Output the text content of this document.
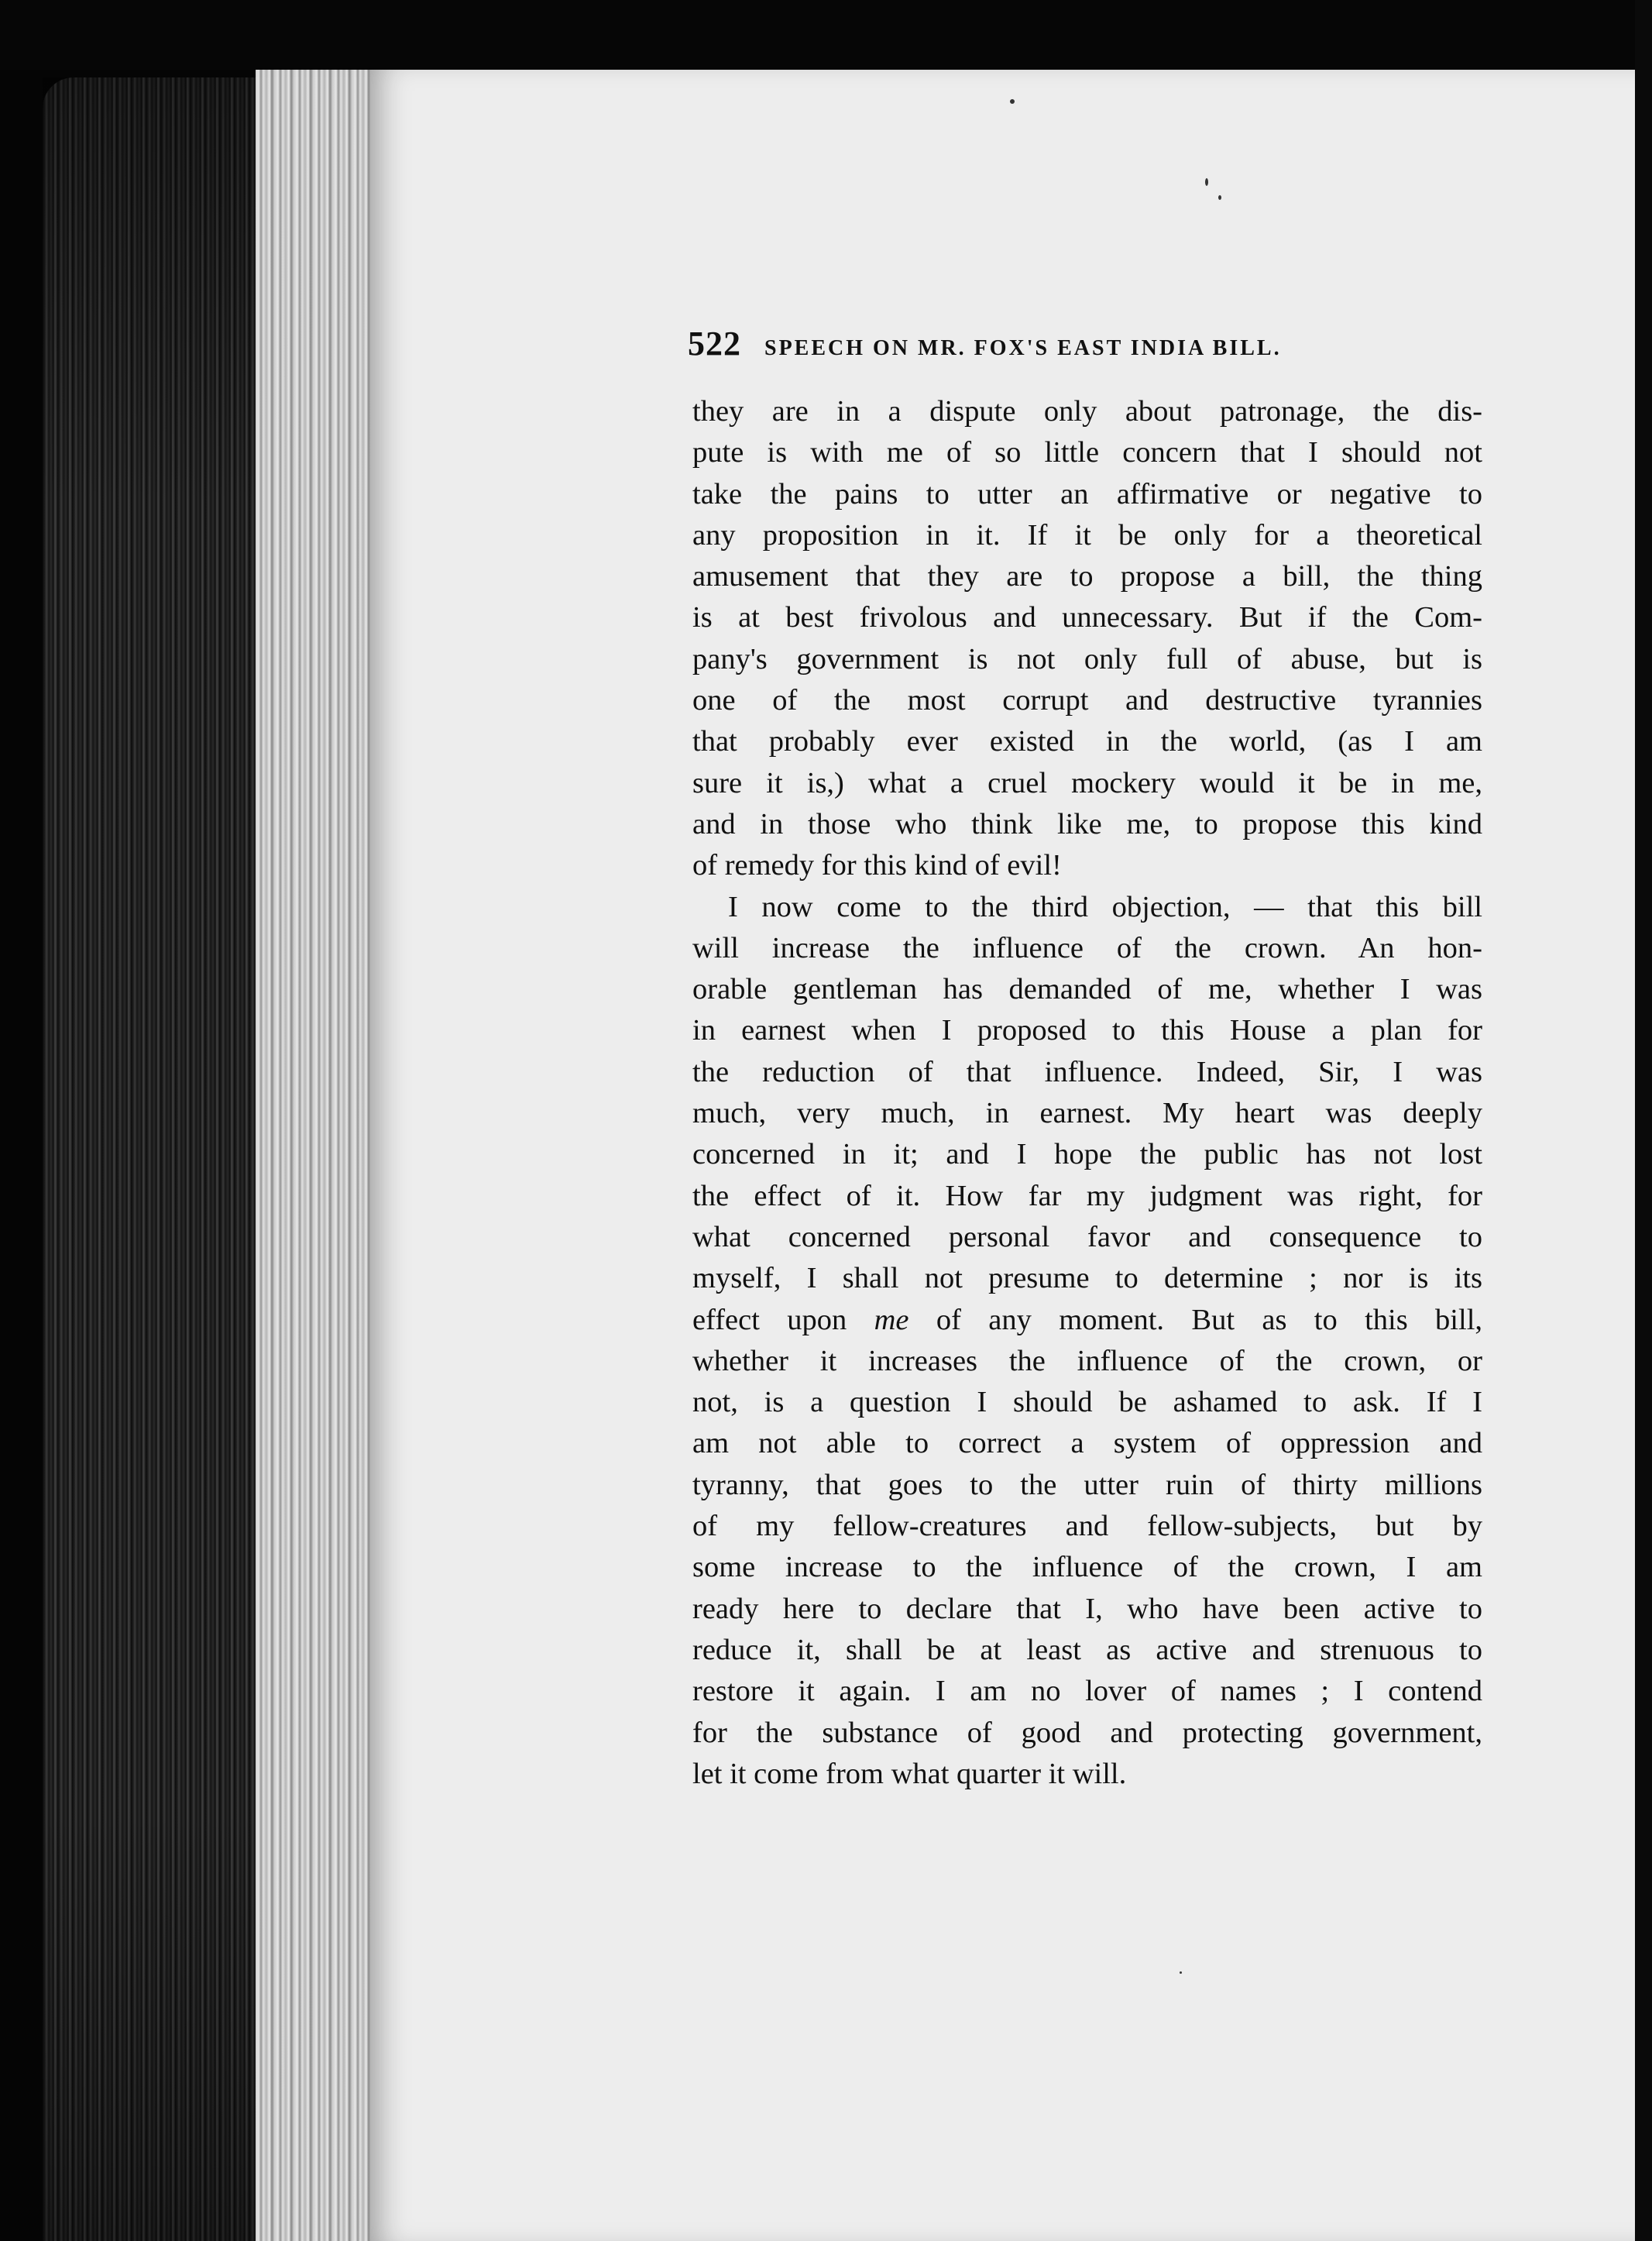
522 SPEECH ON MR. FOX'S EAST INDIA BILL.
they are in a dispute only about patronage, the dis-
pute is with me of so little concern that I should not
take the pains to utter an affirmative or negative to
any proposition in it. If it be only for a theoretical
amusement that they are to propose a bill, the thing
is at best frivolous and unnecessary. But if the Com-
pany's government is not only full of abuse, but is
one of the most corrupt and destructive tyrannies
that probably ever existed in the world, (as I am
sure it is,) what a cruel mockery would it be in me,
and in those who think like me, to propose this kind
of remedy for this kind of evil!
I now come to the third objection, — that this bill
will increase the influence of the crown. An hon-
orable gentleman has demanded of me, whether I was
in earnest when I proposed to this House a plan for
the reduction of that influence. Indeed, Sir, I was
much, very much, in earnest. My heart was deeply
concerned in it; and I hope the public has not lost
the effect of it. How far my judgment was right, for
what concerned personal favor and consequence to
myself, I shall not presume to determine ; nor is its
effect upon me of any moment. But as to this bill,
whether it increases the influence of the crown, or
not, is a question I should be ashamed to ask. If I
am not able to correct a system of oppression and
tyranny, that goes to the utter ruin of thirty millions
of my fellow-creatures and fellow-subjects, but by
some increase to the influence of the crown, I am
ready here to declare that I, who have been active to
reduce it, shall be at least as active and strenuous to
restore it again. I am no lover of names ; I contend
for the substance of good and protecting government,
let it come from what quarter it will.
